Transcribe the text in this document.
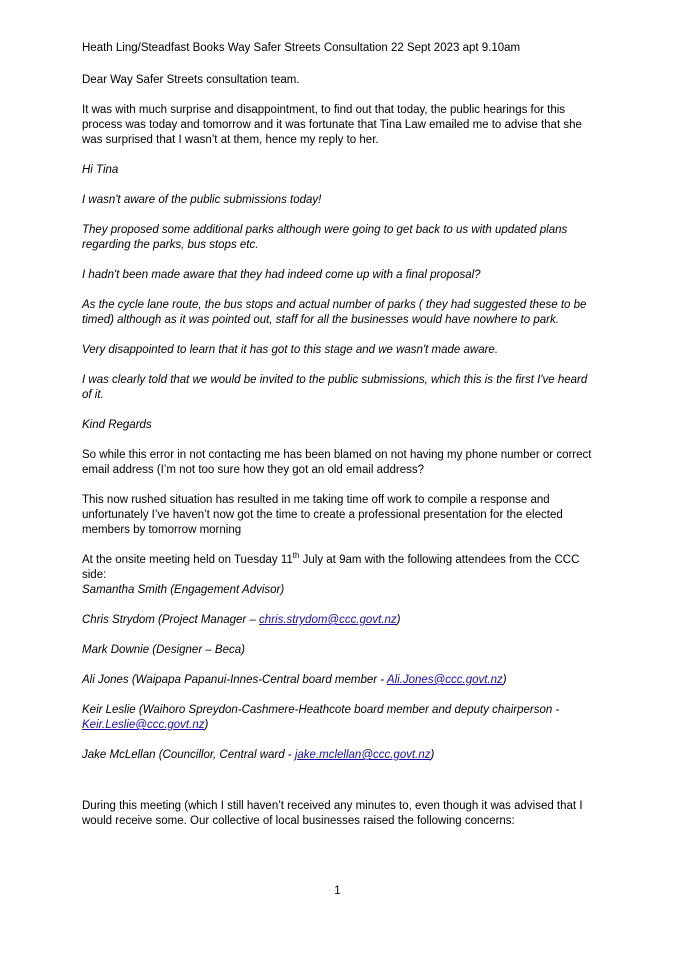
Heath Ling/Steadfast Books Way Safer Streets Consultation 22 Sept 2023 apt 9.10am

Dear Way Safer Streets consultation team.

It was with much surprise and disappointment, to find out that today, the public hearings for this process was today and tomorrow and it was fortunate that Tina Law emailed me to advise that she was surprised that I wasn’t at them, hence my reply to her.

Hi Tina

I wasn't aware of the public submissions today!

They proposed some additional parks although were going to get back to us with updated plans regarding the parks, bus stops etc.

I hadn't been made aware that they had indeed come up with a final proposal?

As the cycle lane route, the bus stops and actual number of parks ( they had suggested these to be timed) although as it was pointed out, staff for all the businesses would have nowhere to park.

Very disappointed to learn that it has got to this stage and we wasn't made aware.

I was clearly told that we would be invited to the public submissions, which this is the first I've heard of it.

Kind Regards

So while this error in not contacting me has been blamed on not having my phone number or correct email address (I’m not too sure how they got an old email address?

This now rushed situation has resulted in me taking time off work to compile a response and unfortunately I’ve haven’t now got the time to create a professional presentation for the elected members by tomorrow morning

At the onsite meeting held on Tuesday 11th July at 9am with the following attendees from the CCC side:

Samantha Smith (Engagement Advisor)

Chris Strydom (Project Manager – chris.strydom@ccc.govt.nz)

Mark Downie (Designer – Beca)

Ali Jones (Waipapa Papanui-Innes-Central board member - Ali.Jones@ccc.govt.nz)

Keir Leslie (Waihoro Spreydon-Cashmere-Heathcote board member and deputy chairperson - Keir.Leslie@ccc.govt.nz)

Jake McLellan (Councillor, Central ward - jake.mclellan@ccc.govt.nz)

During this meeting (which I still haven’t received any minutes to, even though it was advised that I would receive some. Our collective of local businesses raised the following concerns:

1
